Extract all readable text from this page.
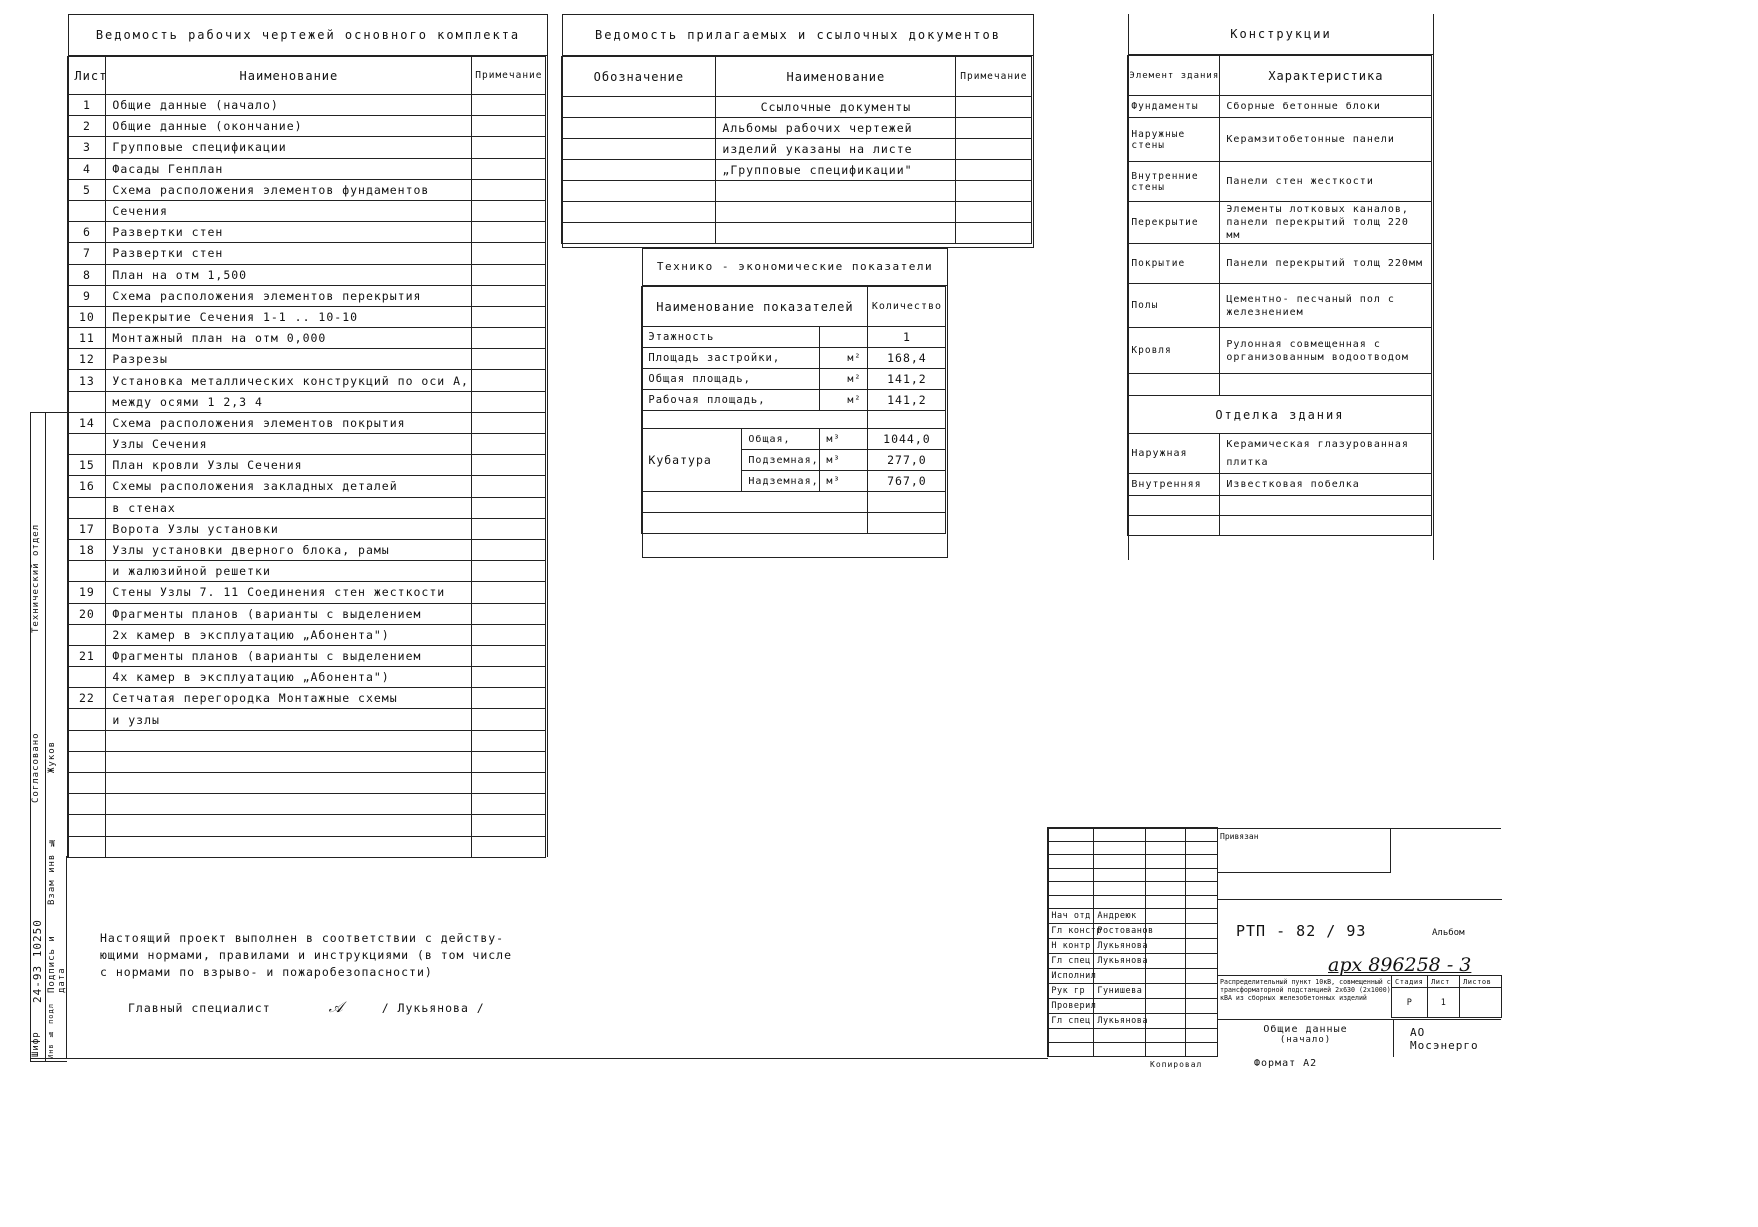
Ведомость рабочих чертежей основного комплекта
Лист	Наименование	Примечание
1	Общие данные (начало)	
2	Общие данные (окончание)	
3	Групповые спецификации	
4	Фасады Генплан	
5	Схема расположения элементов фундаментов	
	Сечения	
6	Развертки стен	
7	Развертки стен	
8	План на отм 1,500	
9	Схема расположения элементов перекрытия	
10	Перекрытие Сечения 1-1 .. 10-10	
11	Монтажный план на отм 0,000	
12	Разрезы	
13	Установка металлических конструкций по оси А,	
	между осями 1 2,3 4	
14	Схема расположения элементов покрытия	
	Узлы Сечения	
15	План кровли Узлы Сечения	
16	Схемы расположения закладных деталей	
	в стенах	
17	Ворота Узлы установки	
18	Узлы установки дверного блока, рамы	
	и жалюзийной решетки	
19	Стены Узлы 7. 11 Соединения стен жесткости	
20	Фрагменты планов (варианты с выделением	
	2х камер в эксплуатацию „Абонента")	
21	Фрагменты планов (варианты с выделением	
	4х камер в эксплуатацию „Абонента")	
22	Сетчатая перегородка Монтажные схемы	
	и узлы	

Ведомость прилагаемых и ссылочных документов
Обозначение	Наименование	Примечание
	Ссылочные документы	
	Альбомы рабочих чертежей	
	изделий указаны на листе	
	„Групповые спецификации"	

Технико - экономические показатели
Наименование показателей			Количество
Этажность			1
Площадь застройки,		м²	168,4
Общая площадь,		м²	141,2
Рабочая площадь,		м²	141,2

Кубатура	Общая,	м³	1044,0
	Подземная,	м³	277,0
	Надземная,	м³	767,0

Конструкции
Элемент здания	Характеристика
Фундаменты	Сборные бетонные блоки
Наружные стены	Керамзитобетонные панели
Внутренние стены	Панели стен жесткости
Перекрытие	Элементы лотковых каналов, панели перекрытий толщ 220 мм
Покрытие	Панели перекрытий толщ 220мм
Полы	Цементно- песчаный пол с железнением
Кровля	Рулонная совмещенная с организованным водоотводом

Отделка здания	
Наружная	Керамическая глазурованная плитка
Внутренняя	Известковая побелка

Настоящий проект выполнен в соответствии с действу-
ющими нормами, правилами и инструкциями (в том числе
с нормами по взрыво- и пожаробезопасности)
Главный специалист	𝒜	/ Лукьянова /

Нач отд	Андреюк		
Гл констр	Ростованов		
Н контр	Лукьянова		
Гл спец	Лукьянова		
Исполнил			
Рук гр	Гунишева		
Проверил			
Гл спец	Лукьянова		

Привязан
РТП - 82 / 93	Альбом
арх 896258 - 3
Распределительный пункт 10кВ, совмещенный с трансформаторной подстанцией 2х630 (2х1000) кВА из сборных железобетонных изделий
Стадия	Лист	Листов
Р	1	
Общие данные
(начало)
АО Мосэнерго
Копировал	Формат А2
Технический отдел
Согласовано Жуков
Взам инв №
Подпись и дата
24-93 10250
Инв № подл
Шифр
